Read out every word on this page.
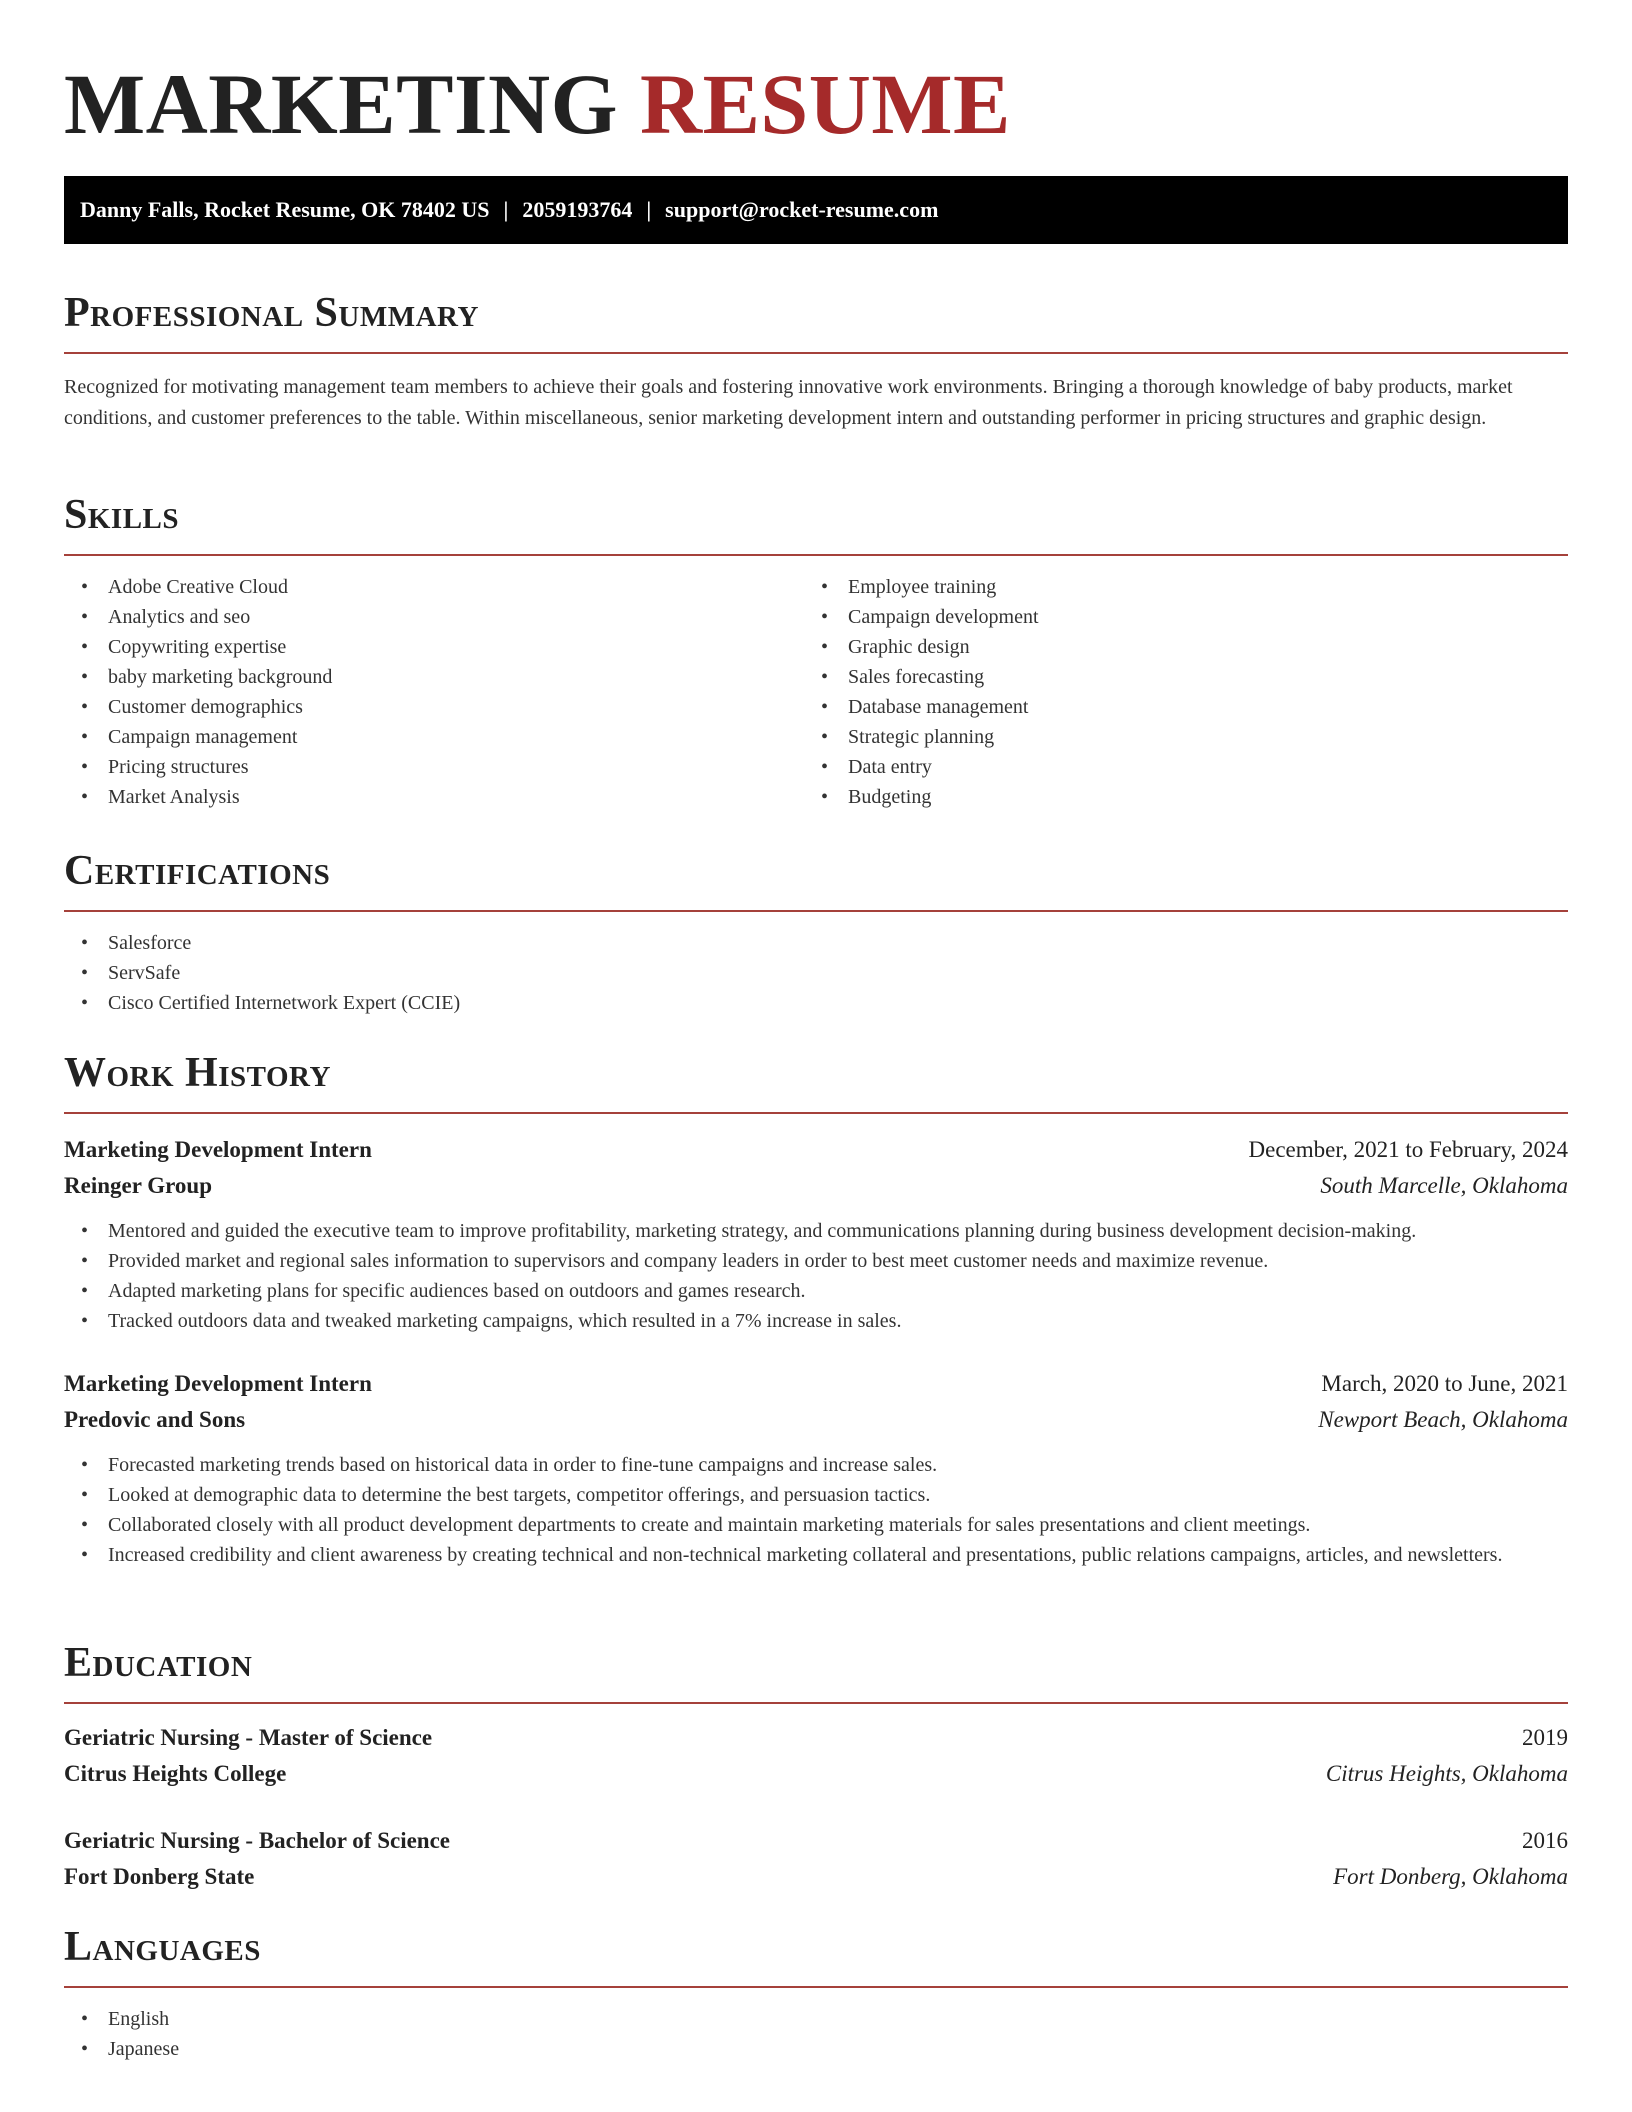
MARKETING RESUME
Danny Falls, Rocket Resume, OK 78402 US | 2059193764 | support@rocket-resume.com
Professional Summary

Recognized for motivating management team members to achieve their goals and fostering innovative work environments. Bringing a thorough knowledge of baby products, market conditions, and customer preferences to the table. Within miscellaneous, senior marketing development intern and outstanding performer in pricing structures and graphic design.

Skills
• Adobe Creative Cloud
• Analytics and seo
• Copywriting expertise
• baby marketing background
• Customer demographics
• Campaign management
• Pricing structures
• Market Analysis
• Employee training
• Campaign development
• Graphic design
• Sales forecasting
• Database management
• Strategic planning
• Data entry
• Budgeting
Certifications
• Salesforce
• ServSafe
• Cisco Certified Internetwork Expert (CCIE)
Work History
Marketing Development Intern	December, 2021 to February, 2024
Reinger Group	South Marcelle, Oklahoma
• Mentored and guided the executive team to improve profitability, marketing strategy, and communications planning during business development decision-making.
• Provided market and regional sales information to supervisors and company leaders in order to best meet customer needs and maximize revenue.
• Adapted marketing plans for specific audiences based on outdoors and games research.
• Tracked outdoors data and tweaked marketing campaigns, which resulted in a 7% increase in sales.
Marketing Development Intern	March, 2020 to June, 2021
Predovic and Sons	Newport Beach, Oklahoma
• Forecasted marketing trends based on historical data in order to fine-tune campaigns and increase sales.
• Looked at demographic data to determine the best targets, competitor offerings, and persuasion tactics.
• Collaborated closely with all product development departments to create and maintain marketing materials for sales presentations and client meetings.
• Increased credibility and client awareness by creating technical and non-technical marketing collateral and presentations, public relations campaigns, articles, and newsletters.
Education
Geriatric Nursing - Master of Science	2019
Citrus Heights College	Citrus Heights, Oklahoma
Geriatric Nursing - Bachelor of Science	2016
Fort Donberg State	Fort Donberg, Oklahoma
Languages
• English
• Japanese
